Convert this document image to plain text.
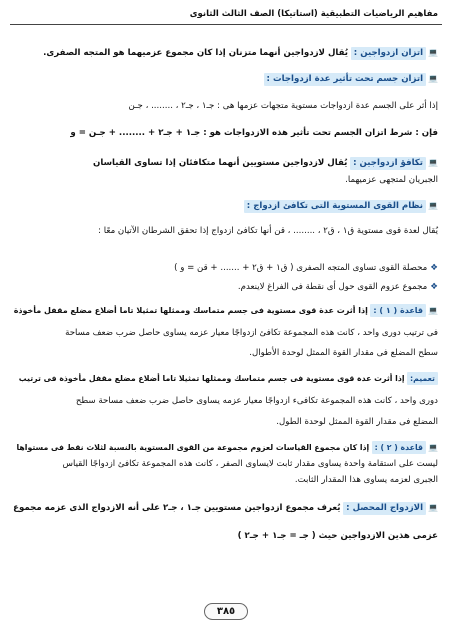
مفاهيم الرياضيات التطبيقية (استاتيكا) الصف الثالث الثانوى
💻اتزان ازدواجين : يُقال لازدواجين أنهما متزنان إذا كان مجموع عزميهما هو المتجه الصفرى.
💻اتزان جسم تحت تأثير عدة ازدواجات :
إذا أثر على الجسم عدة ازدواجات مستوية متجهات عزمها هى : جـ١ ، جـ٢ ، ........ ، جـن
فإن : شرط اتزان الجسم تحت تأثير هذه الازدواجات هو : جـ١ + جـ٢ + ........ + جـن = و
💻تكافؤ ازدواجين : يُقال لازدواجين مستويين أنهما متكافئان إذا تساوى القياسان
الجبريان لمتجهى عزميهما.
💻نظام القوى المستوية التى تكافئ ازدواج :
يُقال لعدة قوى مستوية ق١ ، ق٢ ، ........ ، قن أنها تكافئ ازدواج إذا تحقق الشرطان الآتيان معًا :
❖محصلة القوى تساوى المتجه الصفرى ( ق١ + ق٢ + ....... + قن = و )
❖مجموع عزوم القوى حول أى نقطة فى الفراغ لاينعدم.
💻قاعدة ( ١ ) : إذا أثرت عدة قوى مستوية فى جسم متماسك وممثلها تمثيلا تاما أضلاع مضلع مقفل مأخوذة
فى ترتيب دورى واحد ، كانت هذه المجموعة تكافئ ازدواجًا معيار عزمه يساوى حاصل ضرب ضعف مساحة
سطح المضلع فى مقدار القوة الممثل لوحدة الأطوال.
تعميم: إذا أثرت عدة قوى مستوية فى جسم متماسك وممثلها تمثيلا تاما أضلاع مضلع مقفل مأخوذة فى ترتيب
دورى واحد ، كانت هذه المجموعة تكافىء ازدواجًا معيار عزمه يساوى حاصل ضرب ضعف مساحة سطح
المضلع فى مقدار القوة الممثل لوحدة الطول.
💻قاعدة ( ٢ ) : إذا كان مجموع القياسات لعزوم مجموعة من القوى المستوية بالنسبة لثلاث نقط فى مستواها
ليست على استقامة واحدة يساوى مقدار ثابت لايساوى الصفر ، كانت هذه المجموعة تكافئ ازدواجًا القياس
الجبرى لعزمه يساوى هذا المقدار الثابت.
💻الازدواج المحصل : يُعرف مجموع ازدواجين مستويين جـ١ ، جـ٢ على أنه الازدواج الذى عزمه مجموع
عزمى هذين الازدواجين حيث ( جـ = جـ١ + جـ٢ )
٣٨٥
